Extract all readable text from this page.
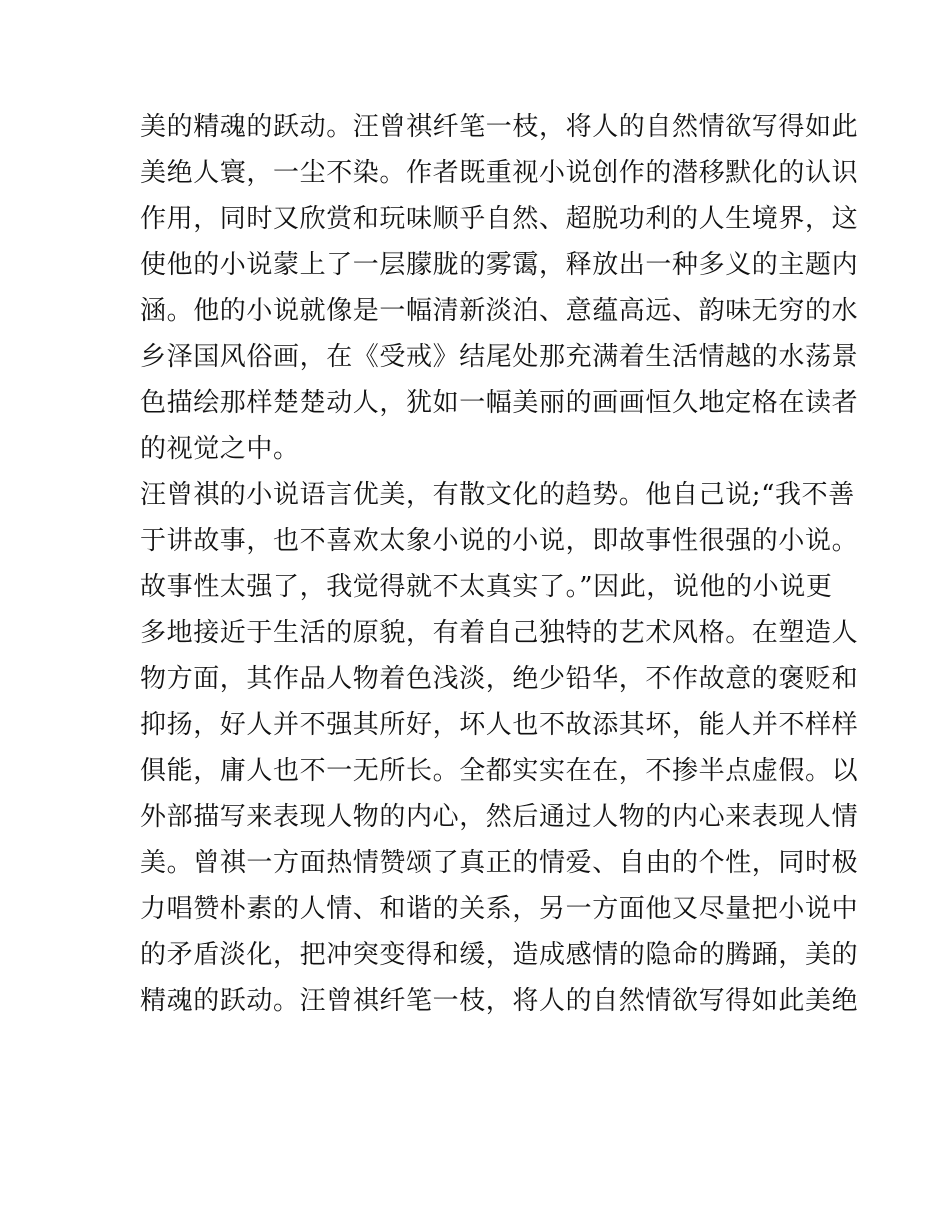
美的精魂的跃动。汪曾祺纤笔一枝，将人的自然情欲写得如此
美绝人寰，一尘不染。作者既重视小说创作的潜移默化的认识
作用，同时又欣赏和玩味顺乎自然、超脱功利的人生境界，这
使他的小说蒙上了一层朦胧的雾霭，释放出一种多义的主题内
涵。他的小说就像是一幅清新淡泊、意蕴高远、韵味无穷的水
乡泽国风俗画，在《受戒》结尾处那充满着生活情越的水荡景
色描绘那样楚楚动人，犹如一幅美丽的画画恒久地定格在读者
的视觉之中。
汪曾祺的小说语言优美，有散文化的趋势。他自己说;“我不善
于讲故事，也不喜欢太象小说的小说，即故事性很强的小说。
故事性太强了，我觉得就不太真实了。”因此，说他的小说更
多地接近于生活的原貌，有着自己独特的艺术风格。在塑造人
物方面，其作品人物着色浅淡，绝少铅华，不作故意的褒贬和
抑扬，好人并不强其所好，坏人也不故添其坏，能人并不样样
俱能，庸人也不一无所长。全都实实在在，不掺半点虚假。以
外部描写来表现人物的内心，然后通过人物的内心来表现人情
美。曾祺一方面热情赞颂了真正的情爱、自由的个性，同时极
力唱赞朴素的人情、和谐的关系，另一方面他又尽量把小说中
的矛盾淡化，把冲突变得和缓，造成感情的隐命的腾踊，美的
精魂的跃动。汪曾祺纤笔一枝，将人的自然情欲写得如此美绝
